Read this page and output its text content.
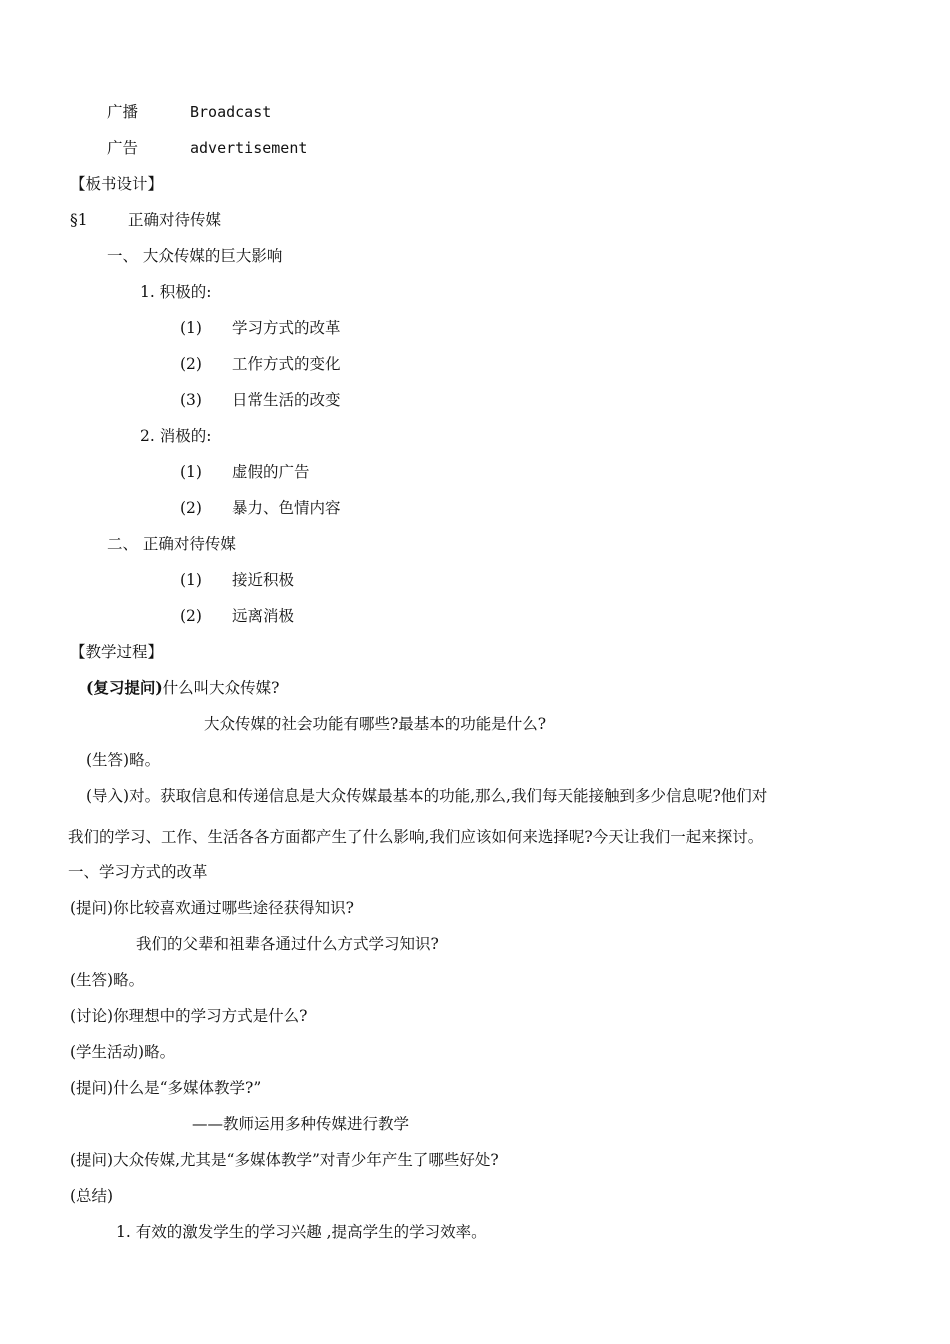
广播	Broadcast
广告	advertisement
【板书设计】
§1	正确对待传媒
一、 大众传媒的巨大影响
1. 积极的:
(1) 学习方式的改革
(2) 工作方式的变化
(3) 日常生活的改变
2. 消极的:
(1) 虚假的广告
(2) 暴力、色情内容
二、 正确对待传媒
(1) 接近积极
(2) 远离消极
【教学过程】
(复习提问)什么叫大众传媒?
大众传媒的社会功能有哪些?最基本的功能是什么?
(生答)略。
(导入)对。获取信息和传递信息是大众传媒最基本的功能,那么,我们每天能接触到多少信息呢?他们对
我们的学习、工作、生活各各方面都产生了什么影响,我们应该如何来选择呢?今天让我们一起来探讨。
一、学习方式的改革
(提问)你比较喜欢通过哪些途径获得知识?
我们的父辈和祖辈各通过什么方式学习知识?
(生答)略。
(讨论)你理想中的学习方式是什么?
(学生活动)略。
(提问)什么是“多媒体教学?”
——教师运用多种传媒进行教学
(提问)大众传媒,尤其是“多媒体教学”对青少年产生了哪些好处?
(总结)
1. 有效的激发学生的学习兴趣 ,提高学生的学习效率。
